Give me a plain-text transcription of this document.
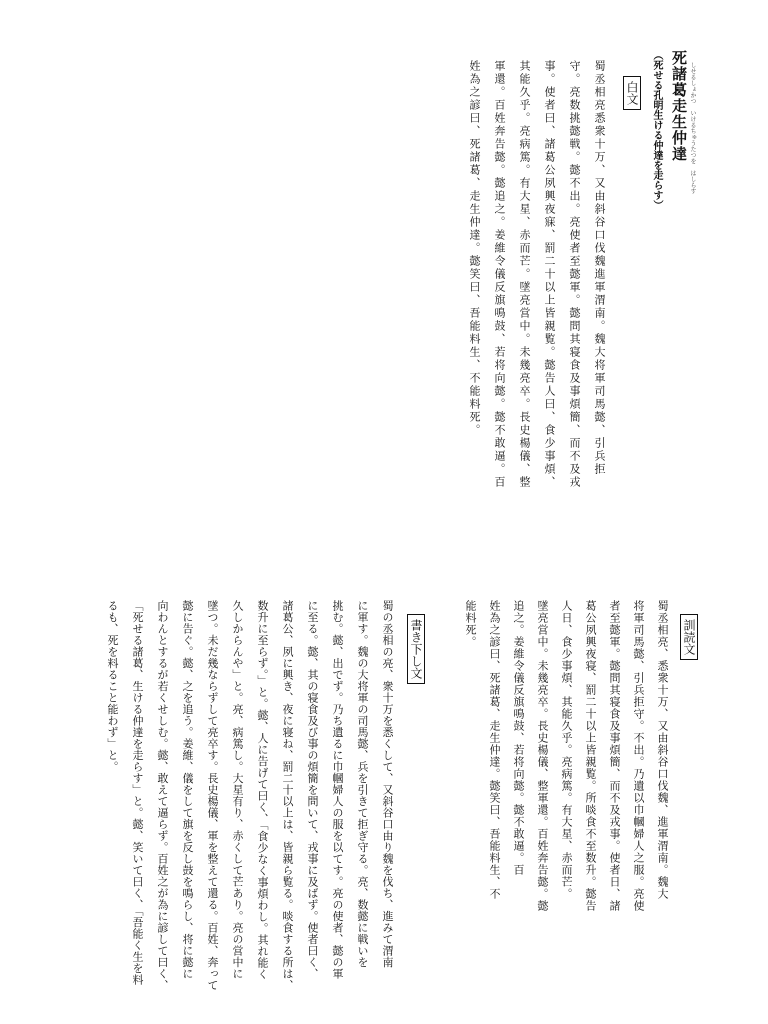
死諸葛走生仲達 しせるしょかつ　いけるちゅうたつを　はしらす
（死せる孔明生ける仲達を走らす）
白文
蜀丞相亮悉衆十万、又由斜谷口伐魏進軍渭南。魏大将軍司馬懿、引兵拒
守。亮数挑懿戦。懿不出。亮使者至懿軍。懿問其寝食及事煩簡、而不及戎
事。使者曰、諸葛公夙興夜寐、罰二十以上皆親覧。懿告人曰、食少事煩、
其能久乎。亮病篤。有大星、赤而芒。墜亮営中。未幾亮卒。長史楊儀、整
軍還。百姓奔告懿。懿追之。姜維令儀反旗鳴鼓、若将向懿。懿不敢逼。百
姓為之諺曰、死諸葛、走生仲達。懿笑曰、吾能料生、不能料死。
訓読文
蜀丞相亮、悉衆十万、又由斜谷口伐魏、進軍渭南。魏大
将軍司馬懿、引兵拒守。不出。乃遺以巾幗婦人之服。亮使
者至懿軍。懿問其寝食及事煩簡、而不及戎事。使者日、諸
葛公夙興夜寝、罰二十以上皆親覧。所啖食不至数升。懿告
人日、食少事煩、其能久乎。亮病篤。有大星、赤而芒。
墜亮営中。未幾亮卒。長史楊儀、整軍還。百姓奔告懿。懿
追之。姜維令儀反旗鳴鼓、若将向懿。懿不敢逼。百
姓為之諺曰、死諸葛、走生仲達。懿笑曰、吾能料生、不
能料死。
書き下し文
蜀の丞相の亮、衆十万を悉くして、又斜谷口由り魏を伐ち、進みて渭南
に軍す。魏の大将軍の司馬懿、兵を引きて拒ぎ守る。亮、数懿に戦いを
挑む。懿、出でず。乃ち遺るに巾幗婦人の服を以てす。亮の使者、懿の軍
に至る。懿、其の寝食及び事の煩簡を問いて、戎事に及ばず。使者曰く、
諸葛公、夙に興き、夜に寝ね、罰二十以上は、皆親ら覧る。啖食する所は、
数升に至らず。」と。懿、人に告げて曰く、「食少なく事煩わし。其れ能く
久しからんや」と。亮、病篤し。大星有り、赤くして芒あり。亮の営中に
墜つ。未だ幾ならずして亮卒す。長史楊儀、軍を整えて還る。百姓、奔って
懿に告ぐ。懿、之を追う。姜維、儀をして旗を反し鼓を鳴らし、将に懿に
向わんとするが若くせしむ。懿、敢えて逼らず。百姓之が為に諺して曰く、
「死せる諸葛、生ける仲達を走らす」と。懿、笑いて曰く、「吾能く生を料
るも、死を料ること能わず」と。
